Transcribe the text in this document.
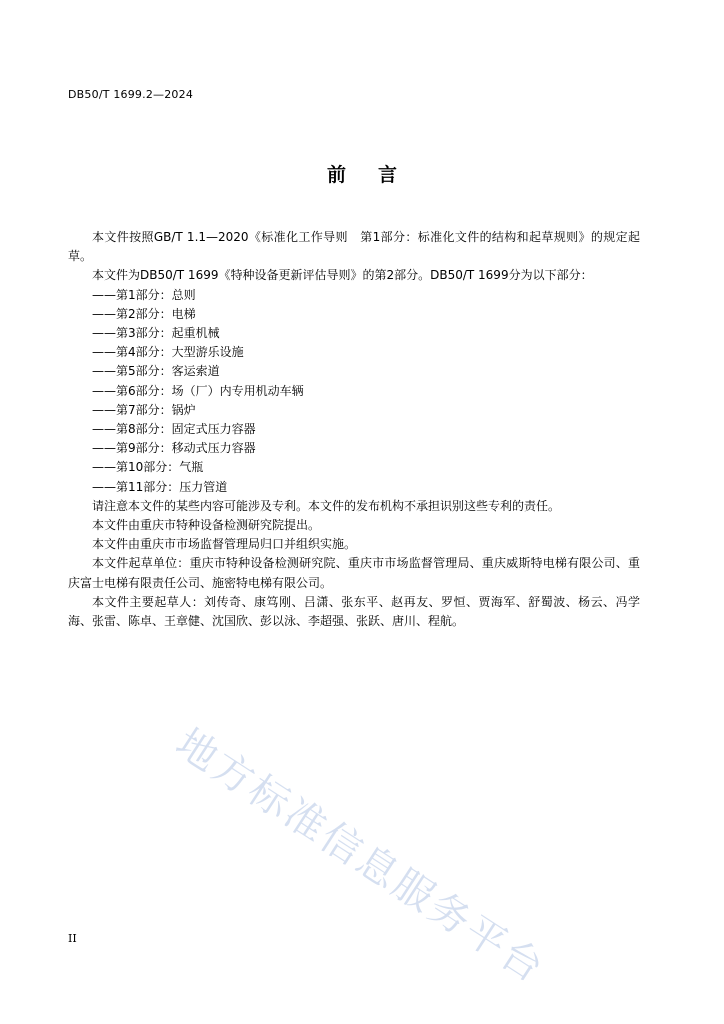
DB50/T 1699.2—2024
前言

本文件按照GB/T 1.1—2020《标准化工作导则　第1部分：标准化文件的结构和起草规则》的规定起草。

本文件为DB50/T 1699《特种设备更新评估导则》的第2部分。DB50/T 1699分为以下部分：

——第1部分：总则

——第2部分：电梯

——第3部分：起重机械

——第4部分：大型游乐设施

——第5部分：客运索道

——第6部分：场（厂）内专用机动车辆

——第7部分：锅炉

——第8部分：固定式压力容器

——第9部分：移动式压力容器

——第10部分：气瓶

——第11部分：压力管道

请注意本文件的某些内容可能涉及专利。本文件的发布机构不承担识别这些专利的责任。

本文件由重庆市特种设备检测研究院提出。

本文件由重庆市市场监督管理局归口并组织实施。

本文件起草单位：重庆市特种设备检测研究院、重庆市市场监督管理局、重庆威斯特电梯有限公司、重庆富士电梯有限责任公司、施密特电梯有限公司。

本文件主要起草人：刘传奇、康笃刚、吕潇、张东平、赵再友、罗恒、贾海军、舒蜀波、杨云、冯学海、张雷、陈卓、王章健、沈国欣、彭以泳、李超强、张跃、唐川、程航。

地方标准信息服务平台
II
